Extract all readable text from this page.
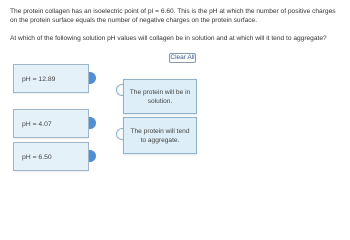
The protein collagen has an isoelectric point of pI = 6.60. This is the pH at which the number of positive charges on the protein surface equals the number of negative charges on the protein surface.

At which of the following solution pH values will collagen be in solution and at which will it tend to aggregate?

Clear All
pH = 12.89
pH = 4.07
pH = 6.50
The protein will be in solution.
The protein will tend to aggregate.
